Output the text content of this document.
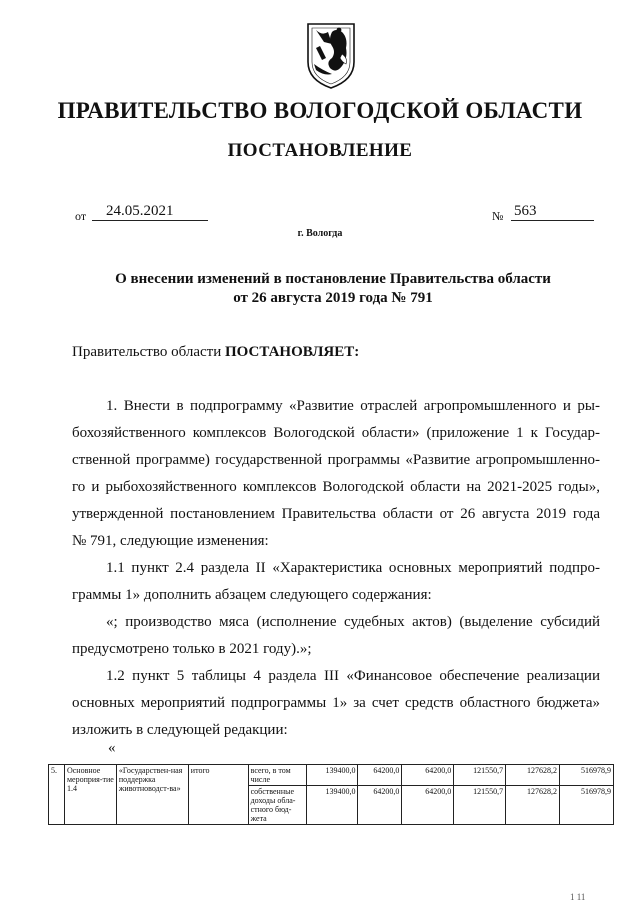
ПРАВИТЕЛЬСТВО ВОЛОГОДСКОЙ ОБЛАСТИ
ПОСТАНОВЛЕНИЕ
от	24.05.2021	№ 563
г. Вологда
О внесении изменений в постановление Правительства области
от 26 августа 2019 года № 791
Правительство области ПОСТАНОВЛЯЕТ:
1. Внести в подпрограмму «Развитие отраслей агропромышленного и ры-
бохозяйственного комплексов Вологодской области» (приложение 1 к Государ-
ственной программе) государственной программы «Развитие агропромышленно-
го и рыбохозяйственного комплексов Вологодской области на 2021-2025 годы»,
утвержденной постановлением Правительства области от 26 августа 2019 года
№ 791, следующие изменения:
1.1 пункт 2.4 раздела II «Характеристика основных мероприятий подпро-
граммы 1» дополнить абзацем следующего содержания:
«; производство мяса (исполнение судебных актов) (выделение субсидий
предусмотрено только в 2021 году).»;
1.2 пункт 5 таблицы 4 раздела III «Финансовое обеспечение реализации
основных мероприятий подпрограммы 1» за счет средств областного бюджета»
изложить в следующей редакции:
«
5.	Основное мероприя-тие 1.4	«Государствен-ная поддержка животноводст-ва»	итого	всего, в том числе	139400,0	64200,0	64200,0	121550,7	127628,2	516978,9
				собственные доходы обла-стного бюд-жета	139400,0	64200,0	64200,0	121550,7	127628,2	516978,9
1 11
